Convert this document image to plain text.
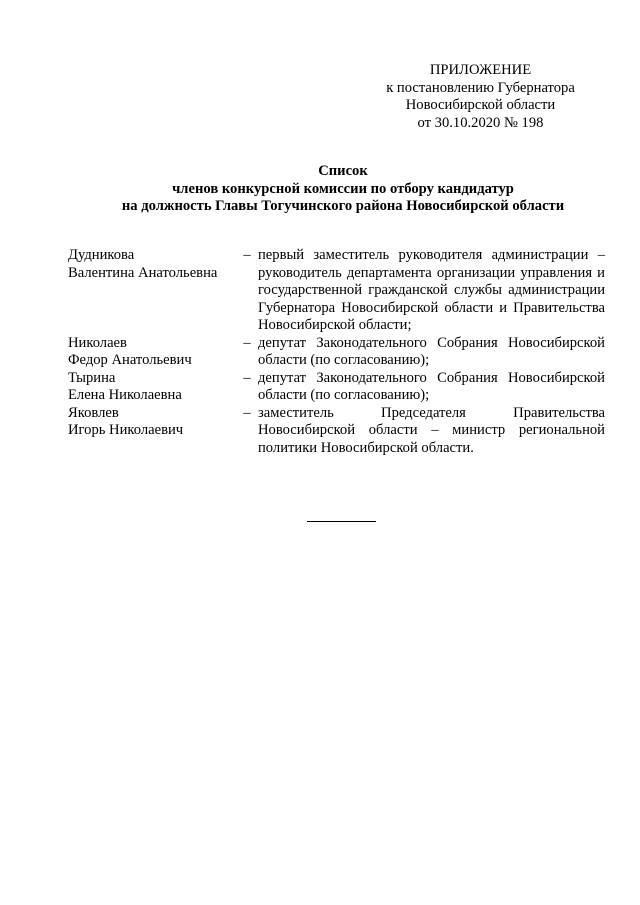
ПРИЛОЖЕНИЕ
к постановлению Губернатора
Новосибирской области
от 30.10.2020 № 198
Список
членов конкурсной комиссии по отбору кандидатур
на должность Главы Тогучинского района Новосибирской области
Дудникова
Валентина Анатольевна
– первый заместитель руководителя администрации – руководитель департамента организации управления и государственной гражданской службы администрации Губернатора Новосибирской области и Правительства Новосибирской области;
Николаев
Федор Анатольевич
– депутат Законодательного Собрания Новосибирской области (по согласованию);
Тырина
Елена Николаевна
– депутат Законодательного Собрания Новосибирской области (по согласованию);
Яковлев
Игорь Николаевич
– заместитель Председателя Правительства Новосибирской области – министр региональной политики Новосибирской области.
